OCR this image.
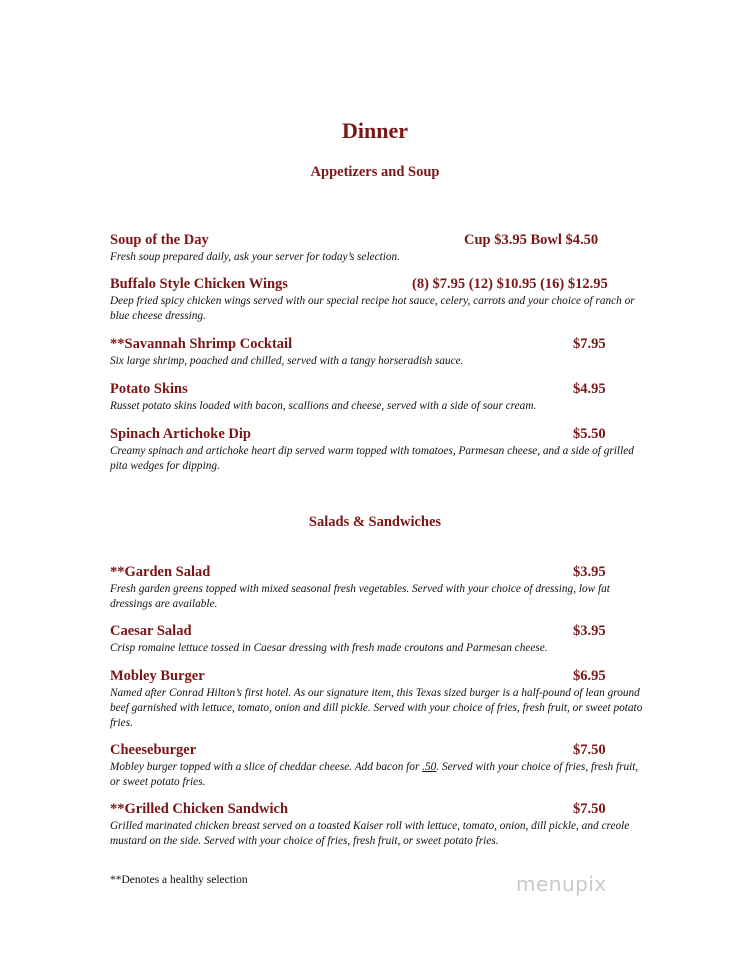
Dinner
Appetizers and Soup
Soup of the Day	Cup $3.95 Bowl $4.50
Fresh soup prepared daily, ask your server for today’s selection.
Buffalo Style Chicken Wings	(8) $7.95 (12) $10.95 (16) $12.95
Deep fried spicy chicken wings served with our special recipe hot sauce, celery, carrots and your choice of ranch or blue cheese dressing.
**Savannah Shrimp Cocktail	$7.95
Six large shrimp, poached and chilled, served with a tangy horseradish sauce.
Potato Skins	$4.95
Russet potato skins loaded with bacon, scallions and cheese, served with a side of sour cream.
Spinach Artichoke Dip	$5.50
Creamy spinach and artichoke heart dip served warm topped with tomatoes, Parmesan cheese, and a side of grilled pita wedges for dipping.
Salads & Sandwiches
**Garden Salad	$3.95
Fresh garden greens topped with mixed seasonal fresh vegetables. Served with your choice of dressing, low fat dressings are available.
Caesar Salad	$3.95
Crisp romaine lettuce tossed in Caesar dressing with fresh made croutons and Parmesan cheese.
Mobley Burger	$6.95
Named after Conrad Hilton’s first hotel. As our signature item, this Texas sized burger is a half-pound of lean ground beef garnished with lettuce, tomato, onion and dill pickle. Served with your choice of fries, fresh fruit, or sweet potato fries.
Cheeseburger	$7.50
Mobley burger topped with a slice of cheddar cheese. Add bacon for .50. Served with your choice of fries, fresh fruit, or sweet potato fries.
**Grilled Chicken Sandwich	$7.50
Grilled marinated chicken breast served on a toasted Kaiser roll with lettuce, tomato, onion, dill pickle, and creole mustard on the side. Served with your choice of fries, fresh fruit, or sweet potato fries.
**Denotes a healthy selection	menupix
